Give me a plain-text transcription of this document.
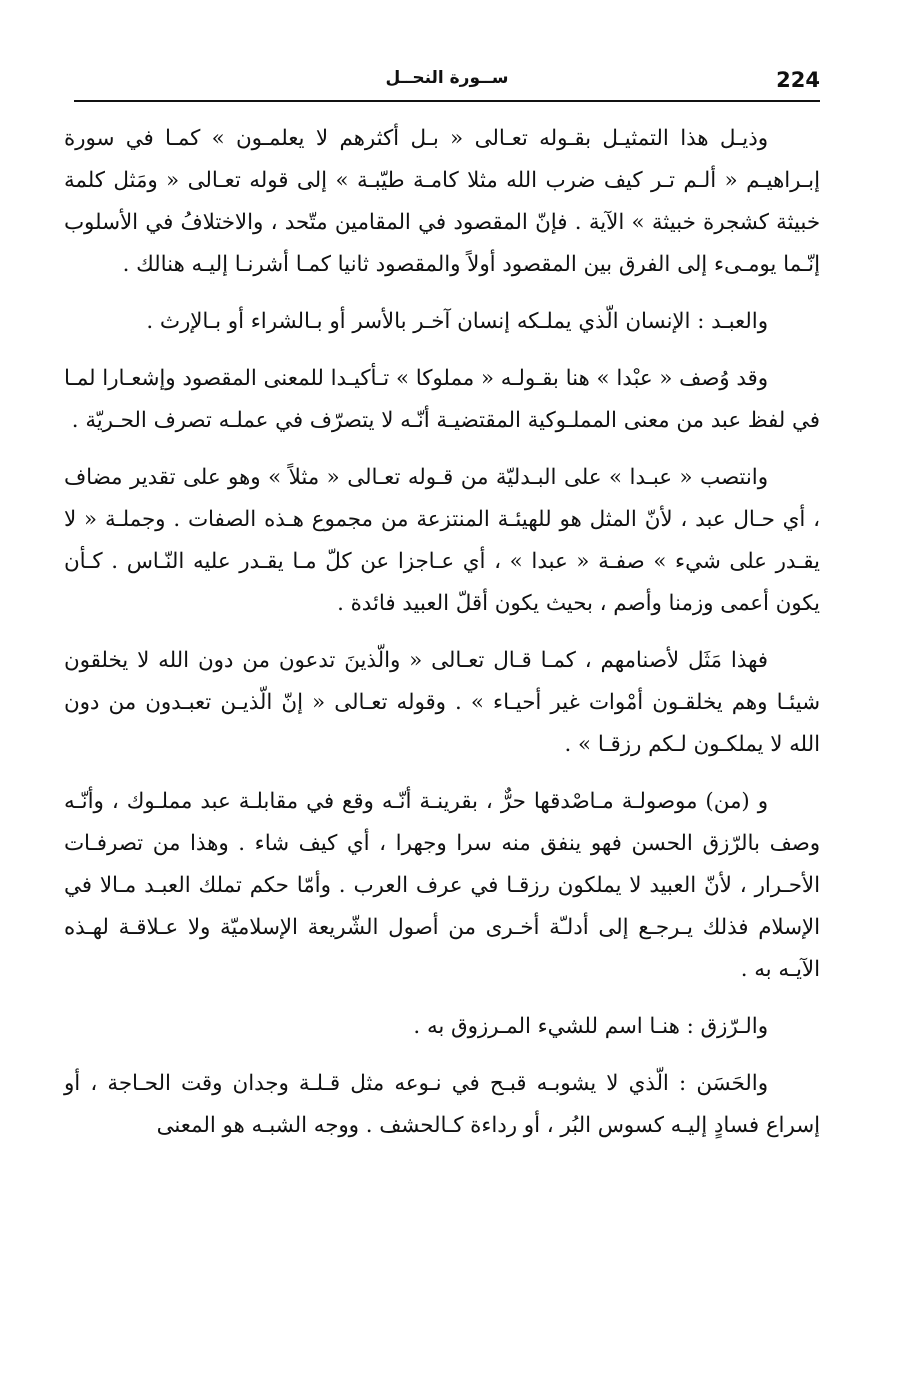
224
ســورة النحــل

وذيـل هذا التمثيـل بقـوله تعـالى « بـل أكثرهم لا يعلمـون » كمـا في سورة إبـراهيـم « ألـم تـر كيف ضرب الله مثلا كامـة طيّبـة » إلى قوله تعـالى « ومَثل كلمة خبيثة كشجرة خبيثة » الآية . فإنّ المقصود في المقامين متّحد ، والاختلافُ في الأسلوب إنّـما يومـىء إلى الفرق بين المقصود أولاً والمقصود ثانيا كمـا أشرنـا إليـه هنالك .

والعبـد : الإنسان الّذي يملـكه إنسان آخـر بالأسر أو بـالشراء أو بـالإرث .

وقد وُصف « عبْدا » هنا بقـولـه « مملوكا » تـأكيـدا للمعنى المقصود وإشعـارا لمـا في لفظ عبد من معنى المملـوكية المقتضيـة أنّـه لا يتصرّف في عملـه تصرف الحـريّة .

وانتصب « عبـدا » على البـدليّة من قـوله تعـالى « مثلاً » وهو على تقدير مضاف ، أي حـال عبد ، لأنّ المثل هو للهيئـة المنتزعة من مجموع هـذه الصفات . وجملـة « لا يقـدر على شيء » صفـة « عبدا » ، أي عـاجزا عن كلّ مـا يقـدر عليه النّـاس . كـأن يكون أعمى وزمنا وأصم ، بحيث يكون أقلّ العبيد فائدة .

فهذا مَثَل لأصنامهم ، كمـا قـال تعـالى « والّذينَ تدعون من دون الله لا يخلقون شيئـا وهم يخلقـون أمْوات غير أحيـاء » . وقوله تعـالى « إنّ الّذيـن تعبـدون من دون الله لا يملكـون لـكم رزقـا » .

و (من) موصولـة مـاصْدقها حرٌّ ، بقرينـة أنّـه وقع في مقابلـة عبد مملـوك ، وأنّـه وصف بالرّزق الحسن فهو ينفق منه سرا وجهرا ، أي كيف شاء . وهذا من تصرفـات الأحـرار ، لأنّ العبيد لا يملكون رزقـا في عرف العرب . وأمّا حكم تملك العبـد مـالا في الإسلام فذلك يـرجـع إلى أدلـّة أخـرى من أصول الشّريعة الإسلاميّة ولا عـلاقـة لهـذه الآيـه به .

والـرّزق : هنـا اسم للشيء المـرزوق به .

والحَسَن : الّذي لا يشوبـه قبـح في نـوعه مثل قـلـة وجدان وقت الحـاجة ، أو إسراع فسادٍ إليـه كسوس البُر ، أو رداءة كـالحشف . ووجه الشبـه هو المعنى
